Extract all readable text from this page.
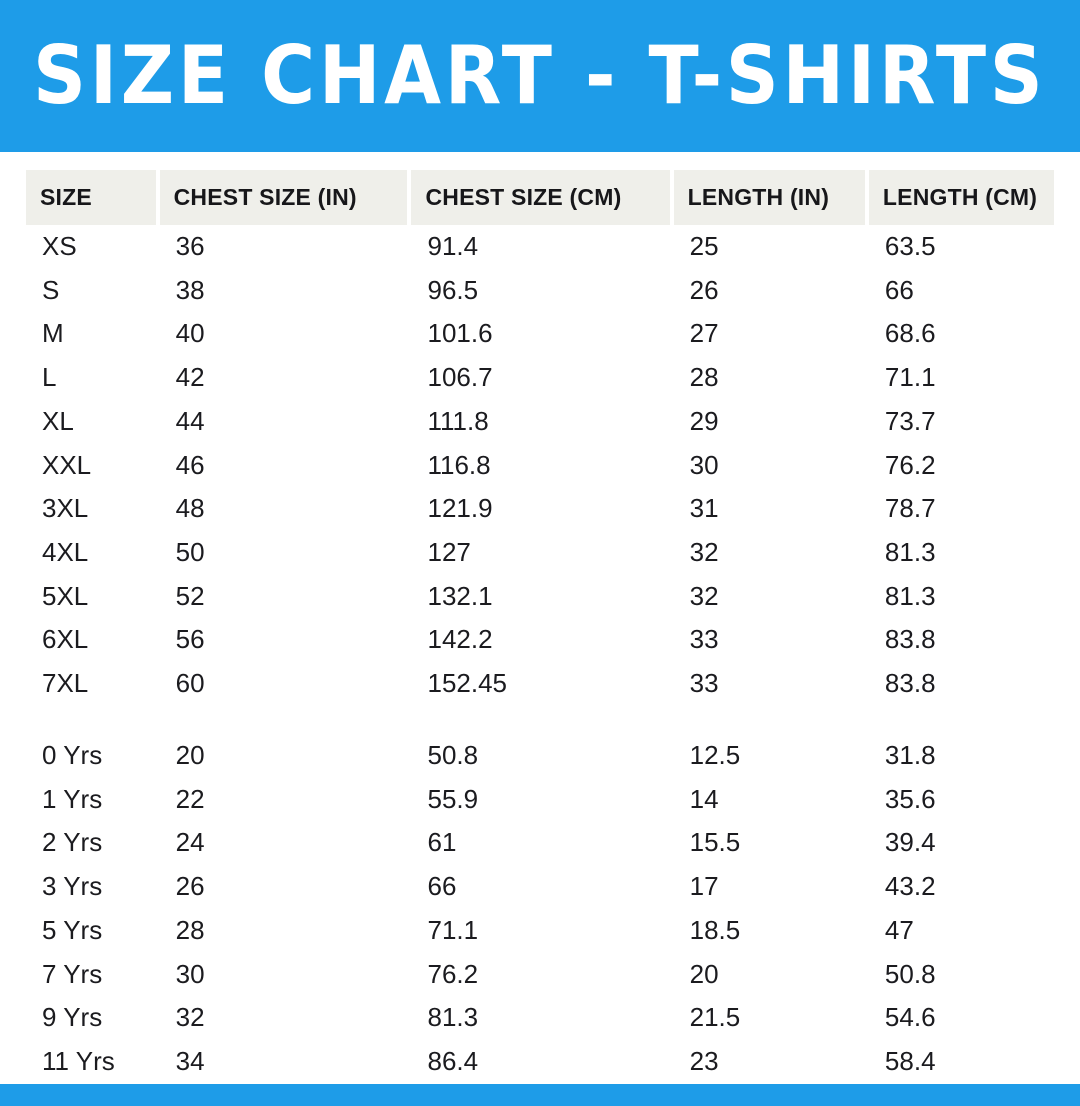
SIZE CHART - T-SHIRTS
SIZE	CHEST SIZE (IN)	CHEST SIZE (CM)	LENGTH (IN)	LENGTH (CM)
XS	36	91.4	25	63.5
S	38	96.5	26	66
M	40	101.6	27	68.6
L	42	106.7	28	71.1
XL	44	111.8	29	73.7
XXL	46	116.8	30	76.2
3XL	48	121.9	31	78.7
4XL	50	127	32	81.3
5XL	52	132.1	32	81.3
6XL	56	142.2	33	83.8
7XL	60	152.45	33	83.8

0 Yrs	20	50.8	12.5	31.8
1 Yrs	22	55.9	14	35.6
2 Yrs	24	61	15.5	39.4
3 Yrs	26	66	17	43.2
5 Yrs	28	71.1	18.5	47
7 Yrs	30	76.2	20	50.8
9 Yrs	32	81.3	21.5	54.6
11 Yrs	34	86.4	23	58.4
